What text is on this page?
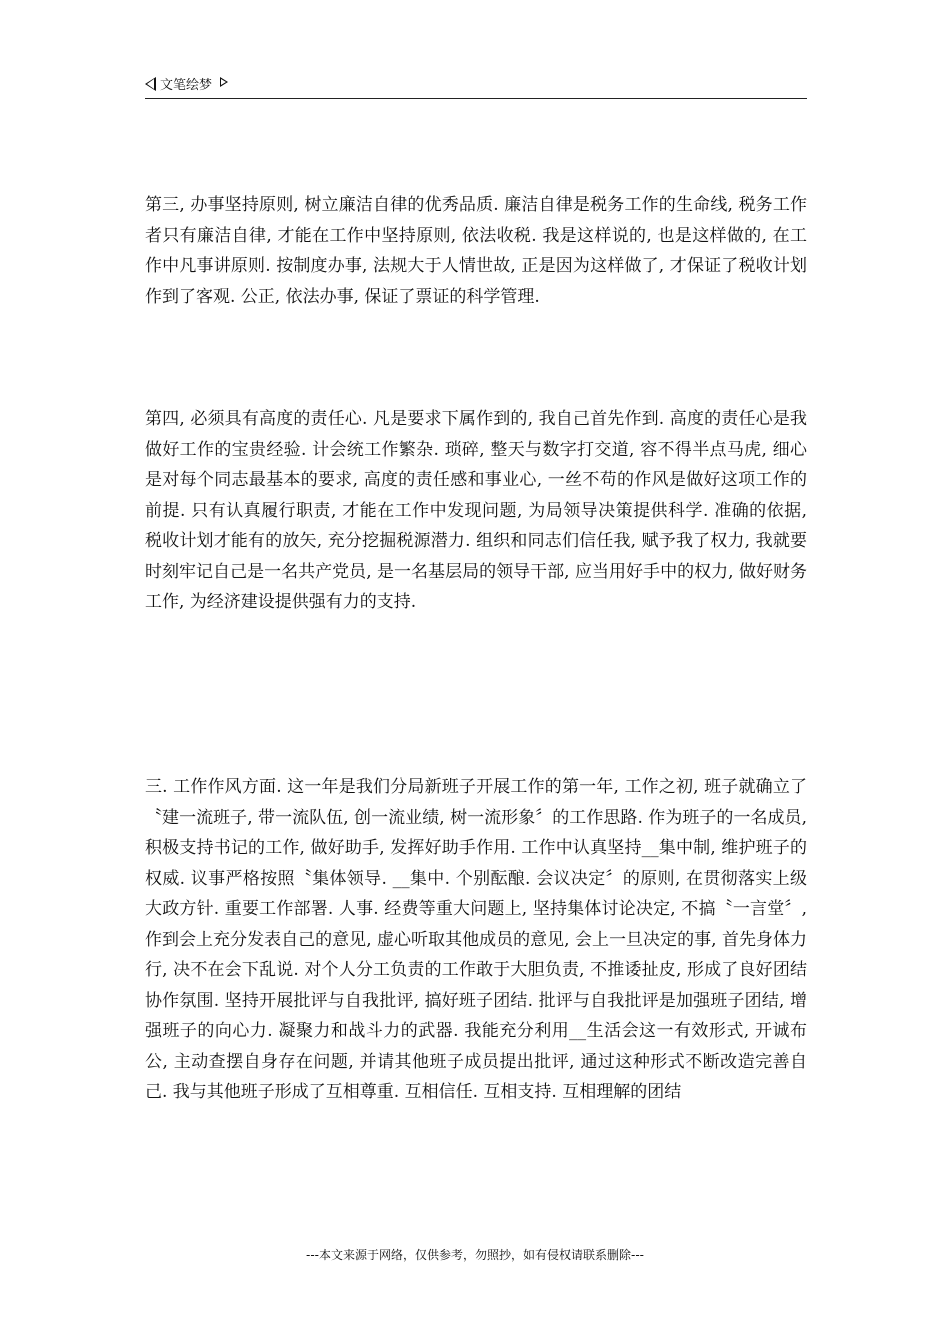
文笔绘梦

第三, 办事坚持原则, 树立廉洁自律的优秀品质. 廉洁自律是税务工作的生命线, 税务工作者只有廉洁自律, 才能在工作中坚持原则, 依法收税. 我是这样说的, 也是这样做的, 在工作中凡事讲原则. 按制度办事, 法规大于人情世故, 正是因为这样做了, 才保证了税收计划作到了客观. 公正, 依法办事, 保证了票证的科学管理.

第四, 必须具有高度的责任心. 凡是要求下属作到的, 我自己首先作到. 高度的责任心是我做好工作的宝贵经验. 计会统工作繁杂. 琐碎, 整天与数字打交道, 容不得半点马虎, 细心是对每个同志最基本的要求, 高度的责任感和事业心, 一丝不苟的作风是做好这项工作的前提. 只有认真履行职责, 才能在工作中发现问题, 为局领导决策提供科学. 准确的依据, 税收计划才能有的放矢, 充分挖掘税源潜力. 组织和同志们信任我, 赋予我了权力, 我就要时刻牢记自己是一名共产党员, 是一名基层局的领导干部, 应当用好手中的权力, 做好财务工作, 为经济建设提供强有力的支持.

三. 工作作风方面. 这一年是我们分局新班子开展工作的第一年, 工作之初, 班子就确立了〝建一流班子, 带一流队伍, 创一流业绩, 树一流形象〞的工作思路. 作为班子的一名成员, 积极支持书记的工作, 做好助手, 发挥好助手作用. 工作中认真坚持__集中制, 维护班子的权威. 议事严格按照〝集体领导. __集中. 个别酝酿. 会议决定〞的原则, 在贯彻落实上级大政方针. 重要工作部署. 人事. 经费等重大问题上, 坚持集体讨论决定, 不搞〝一言堂〞, 作到会上充分发表自己的意见, 虚心听取其他成员的意见, 会上一旦决定的事, 首先身体力行, 决不在会下乱说. 对个人分工负责的工作敢于大胆负责, 不推诿扯皮, 形成了良好团结协作氛围. 坚持开展批评与自我批评, 搞好班子团结. 批评与自我批评是加强班子团结, 增强班子的向心力. 凝聚力和战斗力的武器. 我能充分利用__生活会这一有效形式, 开诚布公, 主动查摆自身存在问题, 并请其他班子成员提出批评, 通过这种形式不断改造完善自己. 我与其他班子形成了互相尊重. 互相信任. 互相支持. 互相理解的团结

---本文来源于网络，仅供参考，勿照抄，如有侵权请联系删除---
